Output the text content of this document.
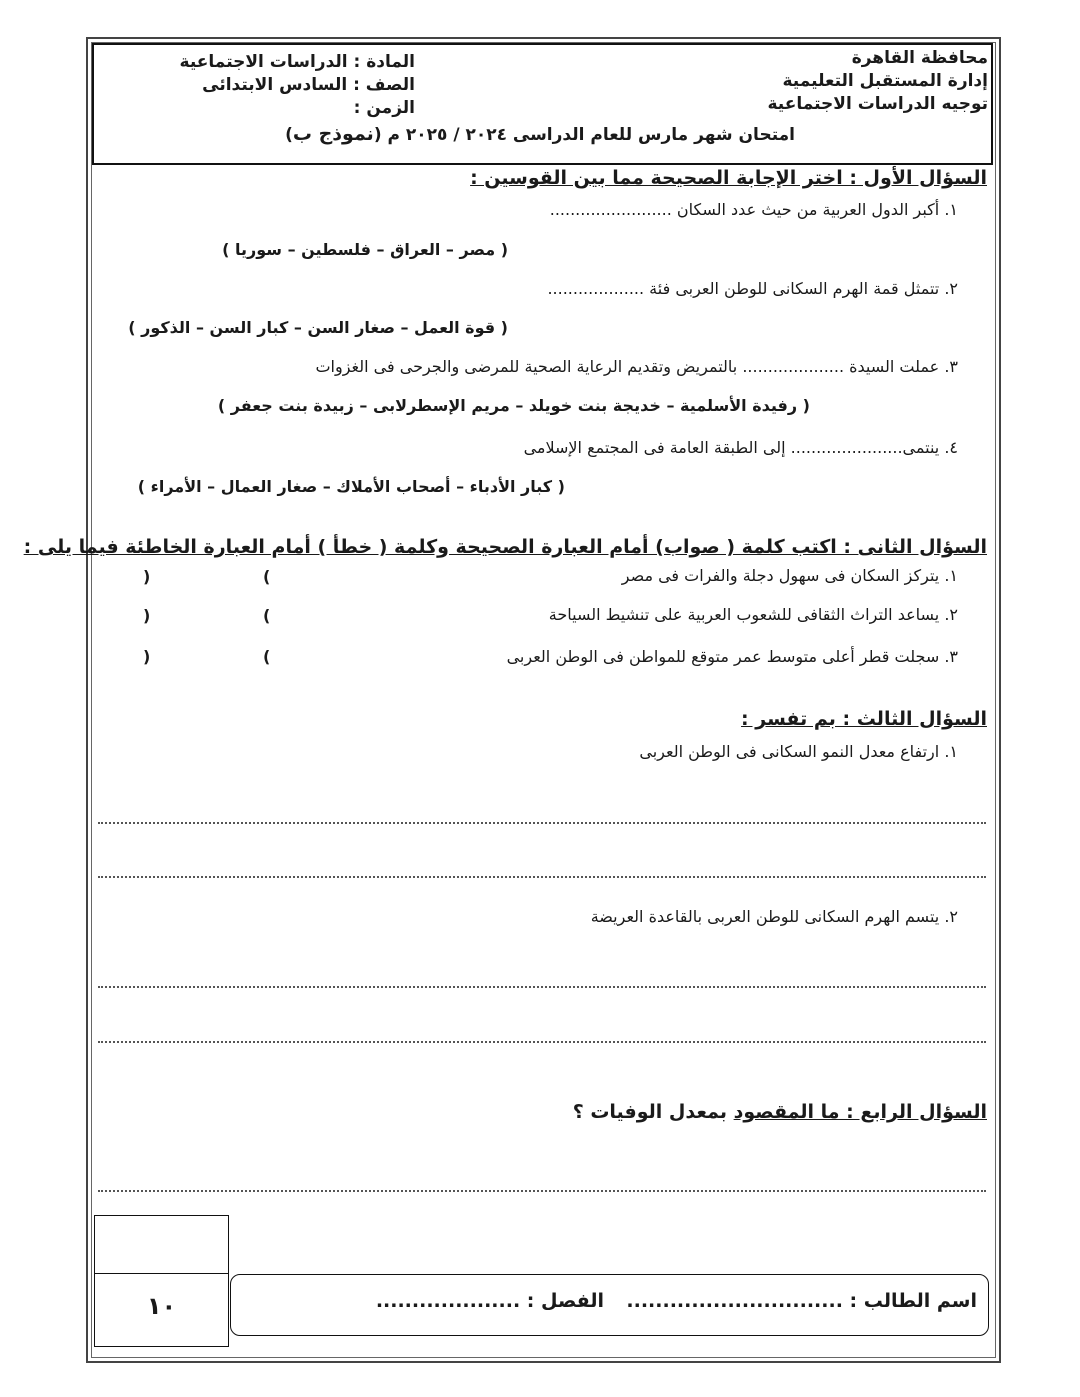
محافظة القاهرة
إدارة المستقبل التعليمية
توجيه الدراسات الاجتماعية
المادة : الدراسات الاجتماعية
الصف : السادس الابتدائى
الزمن :
امتحان شهر مارس للعام الدراسى ٢٠٢٤ / ٢٠٢٥ م (نموذج ب)
السؤال الأول : اختر الإجابة الصحيحة مما بين القوسين :
١. أكبر الدول العربية من حيث عدد السكان ........................
( مصر – العراق – فلسطين – سوريا )
٢. تتمثل قمة الهرم السكانى للوطن العربى فئة ...................
( قوة العمل – صغار السن – كبار السن – الذكور )
٣. عملت السيدة .................... بالتمريض وتقديم الرعاية الصحية للمرضى والجرحى فى الغزوات
( رفيدة الأسلمية – خديجة بنت خويلد – مريم الإسطرلابى – زبيدة بنت جعفر )
٤. ينتمى...................... إلى الطبقة العامة فى المجتمع الإسلامى
( كبار الأدباء – أصحاب الأملاك – صغار العمال – الأمراء )
السؤال الثانى : اكتب كلمة ( صواب) أمام العبارة الصحيحة وكلمة ( خطأ ) أمام العبارة الخاطئة فيما يلى :
١. يتركز السكان فى سهول دجلة والفرات فى مصر
(
)
٢. يساعد التراث الثقافى للشعوب العربية على تنشيط السياحة
(
)
٣. سجلت قطر أعلى متوسط عمر متوقع للمواطن فى الوطن العربى
(
)
السؤال الثالث : بم تفسر :
١. ارتفاع معدل النمو السكانى فى الوطن العربى
٢. يتسم الهرم السكانى للوطن العربى بالقاعدة العريضة
السؤال الرابع : ما المقصود بمعدل الوفيات ؟
١٠	اسم الطالب : ..............................
الفصل : ....................
